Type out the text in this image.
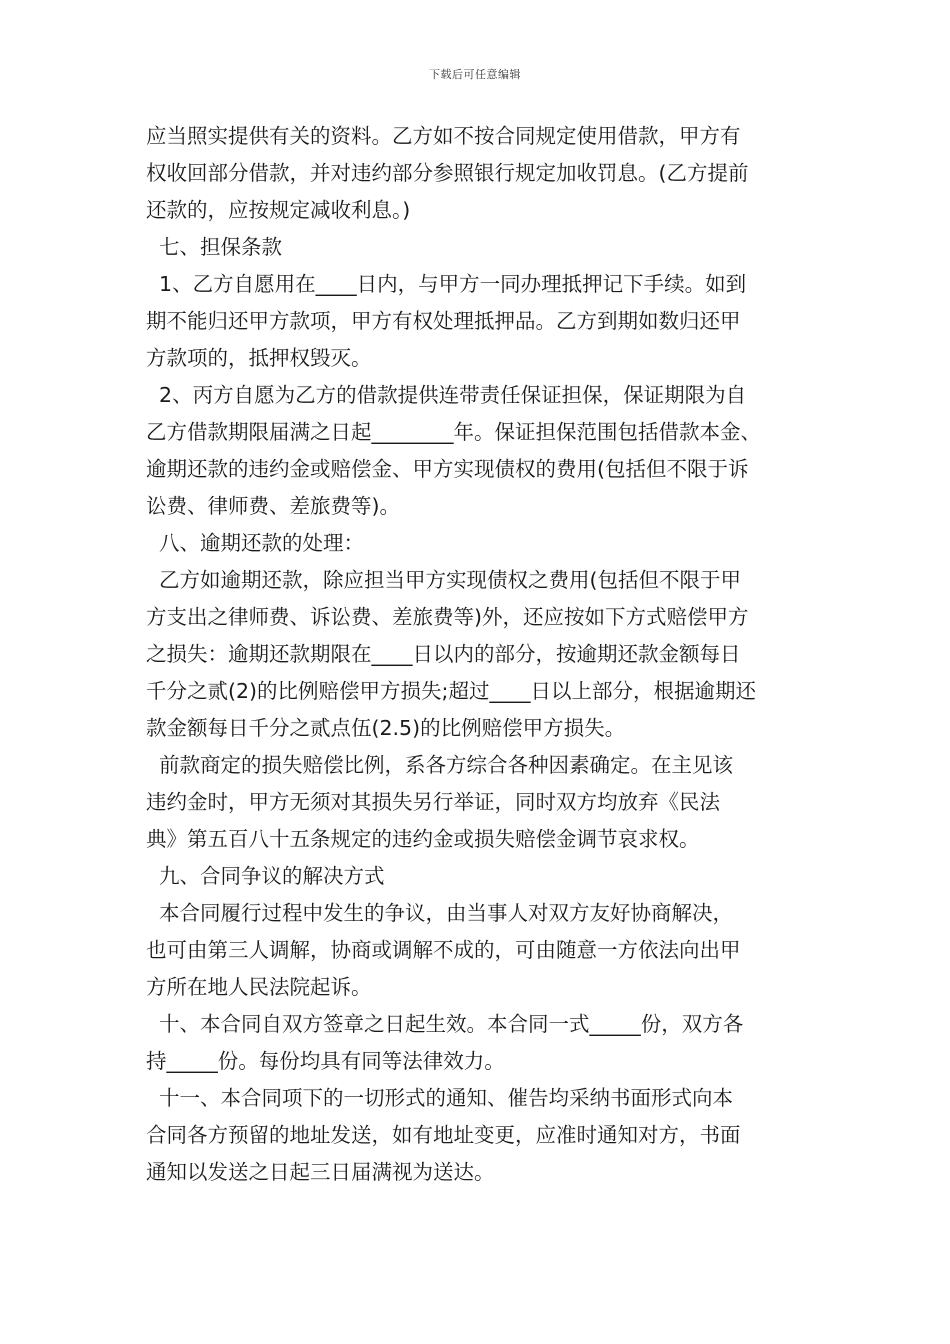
下载后可任意编辑
应当照实提供有关的资料。乙方如不按合同规定使用借款，甲方有
权收回部分借款，并对违约部分参照银行规定加收罚息。(乙方提前
还款的，应按规定减收利息。)
七、担保条款
1、乙方自愿用在____日内，与甲方一同办理抵押记下手续。如到
期不能归还甲方款项，甲方有权处理抵押品。乙方到期如数归还甲
方款项的，抵押权毁灭。
2、丙方自愿为乙方的借款提供连带责任保证担保，保证期限为自
乙方借款期限届满之日起________年。保证担保范围包括借款本金、
逾期还款的违约金或赔偿金、甲方实现债权的费用(包括但不限于诉
讼费、律师费、差旅费等)。
八、逾期还款的处理：
乙方如逾期还款，除应担当甲方实现债权之费用(包括但不限于甲
方支出之律师费、诉讼费、差旅费等)外，还应按如下方式赔偿甲方
之损失：逾期还款期限在____日以内的部分，按逾期还款金额每日
千分之贰(2)的比例赔偿甲方损失;超过____日以上部分，根据逾期还
款金额每日千分之贰点伍(2.5)的比例赔偿甲方损失。
前款商定的损失赔偿比例，系各方综合各种因素确定。在主见该
违约金时，甲方无须对其损失另行举证，同时双方均放弃《民法
典》第五百八十五条规定的违约金或损失赔偿金调节哀求权。
九、合同争议的解决方式
本合同履行过程中发生的争议，由当事人对双方友好协商解决，
也可由第三人调解，协商或调解不成的，可由随意一方依法向出甲
方所在地人民法院起诉。
十、本合同自双方签章之日起生效。本合同一式_____份，双方各
持_____份。每份均具有同等法律效力。
十一、本合同项下的一切形式的通知、催告均采纳书面形式向本
合同各方预留的地址发送，如有地址变更，应准时通知对方，书面
通知以发送之日起三日届满视为送达。
